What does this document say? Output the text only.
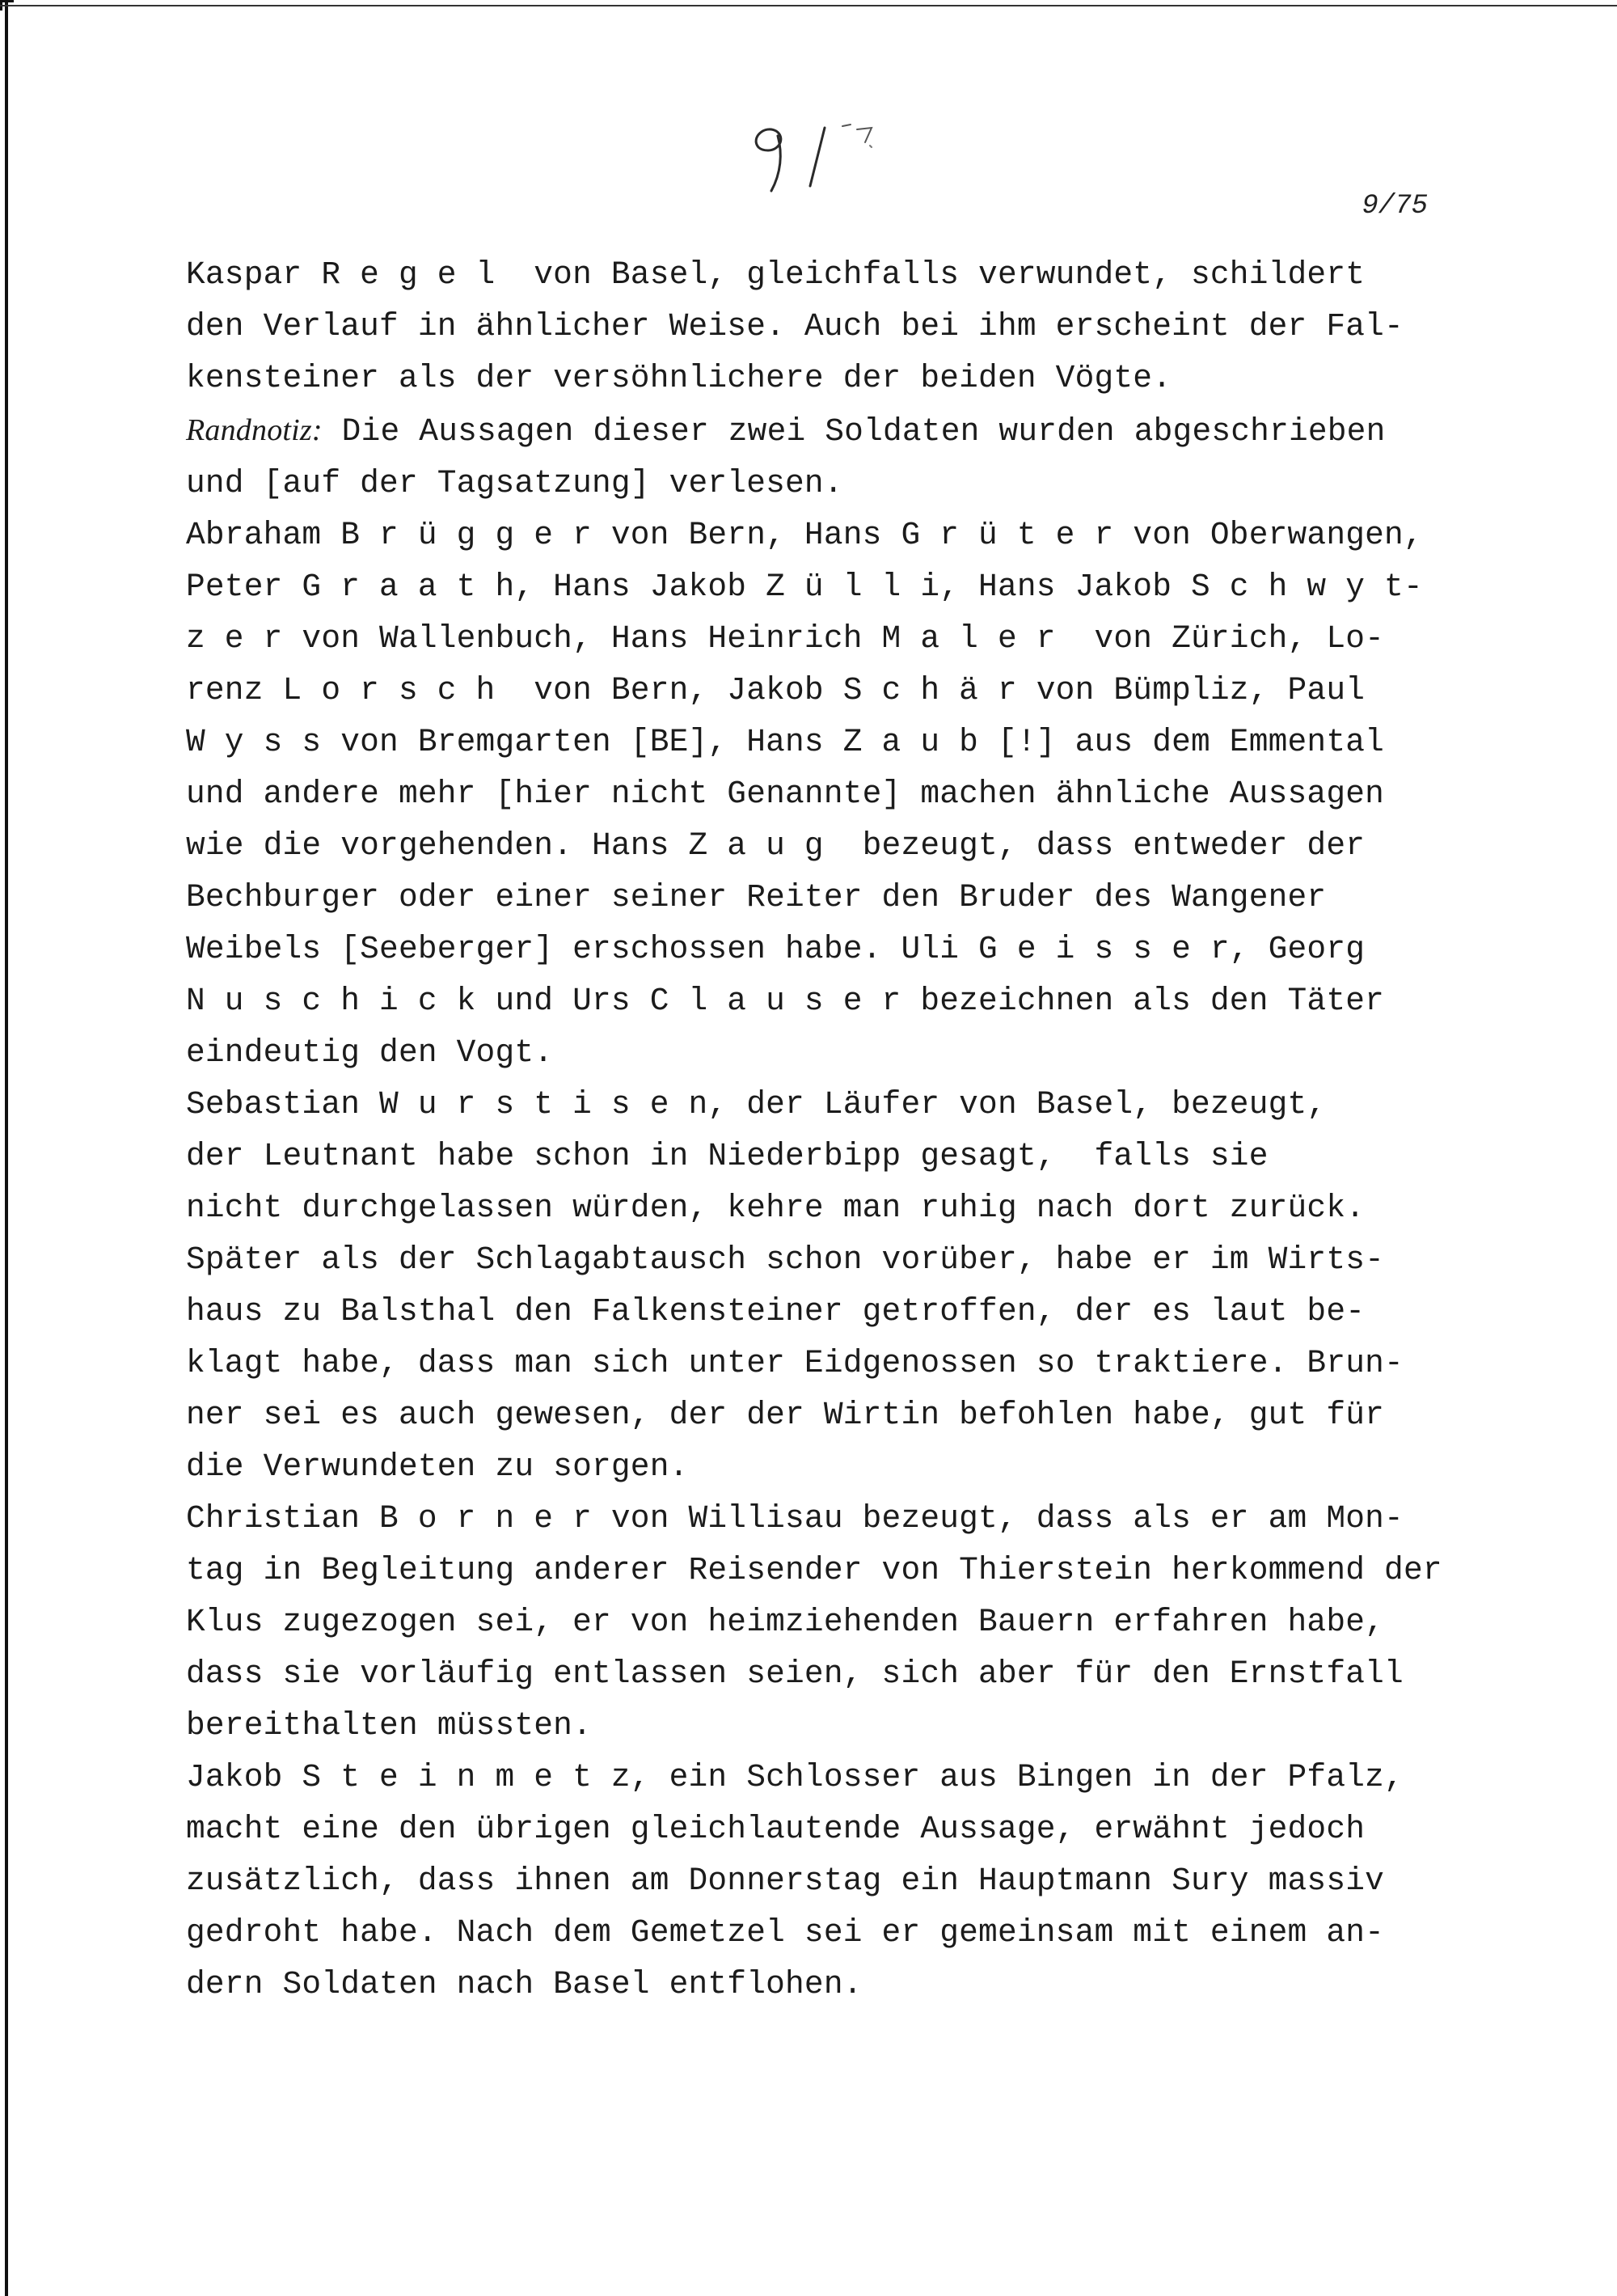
9/75
Kaspar R e g e l  von Basel, gleichfalls verwundet, schildert
den Verlauf in ähnlicher Weise. Auch bei ihm erscheint der Fal-
kensteiner als der versöhnlichere der beiden Vögte.
Randnotiz: Die Aussagen dieser zwei Soldaten wurden abgeschrieben
und [auf der Tagsatzung] verlesen.
Abraham B r ü g g e r von Bern, Hans G r ü t e r von Oberwangen,
Peter G r a a t h, Hans Jakob Z ü l l i, Hans Jakob S c h w y t-
z e r von Wallenbuch, Hans Heinrich M a l e r  von Zürich, Lo-
renz L o r s c h  von Bern, Jakob S c h ä r von Bümpliz, Paul
W y s s von Bremgarten [BE], Hans Z a u b [!] aus dem Emmental
und andere mehr [hier nicht Genannte] machen ähnliche Aussagen
wie die vorgehenden. Hans Z a u g  bezeugt, dass entweder der
Bechburger oder einer seiner Reiter den Bruder des Wangener
Weibels [Seeberger] erschossen habe. Uli G e i s s e r, Georg
N u s c h i c k und Urs C l a u s e r bezeichnen als den Täter
eindeutig den Vogt.
Sebastian W u r s t i s e n, der Läufer von Basel, bezeugt,
der Leutnant habe schon in Niederbipp gesagt,  falls sie
nicht durchgelassen würden, kehre man ruhig nach dort zurück.
Später als der Schlagabtausch schon vorüber, habe er im Wirts-
haus zu Balsthal den Falkensteiner getroffen, der es laut be-
klagt habe, dass man sich unter Eidgenossen so traktiere. Brun-
ner sei es auch gewesen, der der Wirtin befohlen habe, gut für
die Verwundeten zu sorgen.
Christian B o r n e r von Willisau bezeugt, dass als er am Mon-
tag in Begleitung anderer Reisender von Thierstein herkommend der
Klus zugezogen sei, er von heimziehenden Bauern erfahren habe,
dass sie vorläufig entlassen seien, sich aber für den Ernstfall
bereithalten müssten.
Jakob S t e i n m e t z, ein Schlosser aus Bingen in der Pfalz,
macht eine den übrigen gleichlautende Aussage, erwähnt jedoch
zusätzlich, dass ihnen am Donnerstag ein Hauptmann Sury massiv
gedroht habe. Nach dem Gemetzel sei er gemeinsam mit einem an-
dern Soldaten nach Basel entflohen.
